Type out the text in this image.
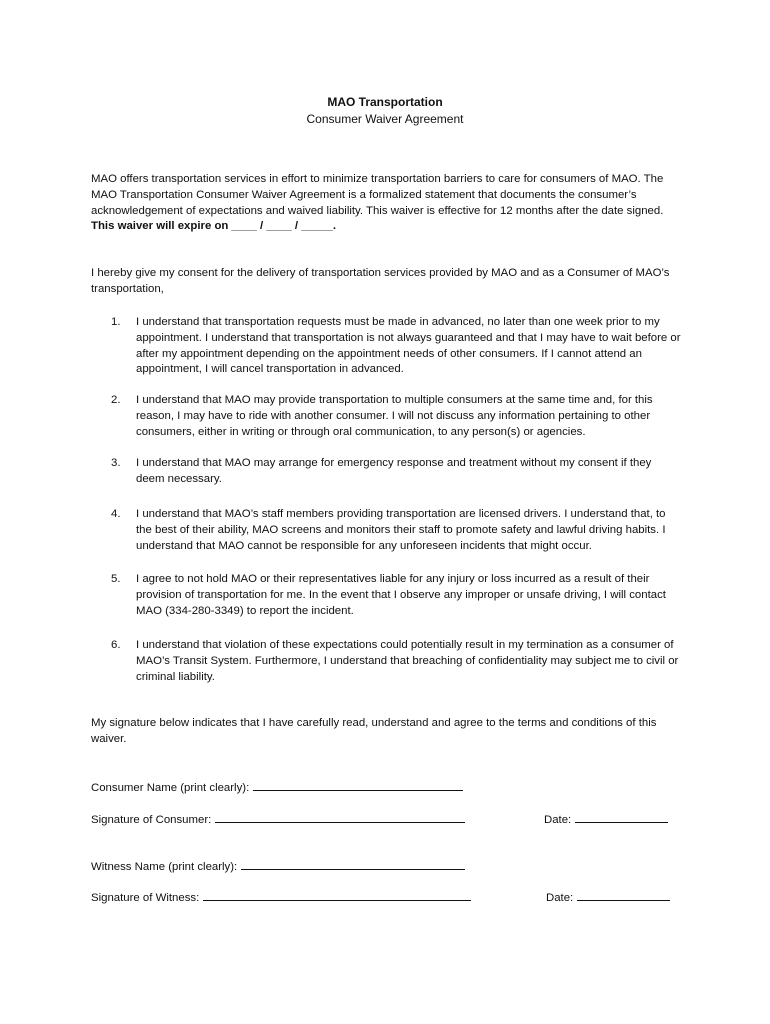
MAO Transportation
Consumer Waiver Agreement

MAO offers transportation services in effort to minimize transportation barriers to care for consumers of MAO. The MAO Transportation Consumer Waiver Agreement is a formalized statement that documents the consumer’s acknowledgement of expectations and waived liability. This waiver is effective for 12 months after the date signed. This waiver will expire on ____ / ____ / _____.

I hereby give my consent for the delivery of transportation services provided by MAO and as a Consumer of MAO’s transportation,

1. I understand that transportation requests must be made in advanced, no later than one week prior to my appointment. I understand that transportation is not always guaranteed and that I may have to wait before or after my appointment depending on the appointment needs of other consumers. If I cannot attend an appointment, I will cancel transportation in advanced.
2. I understand that MAO may provide transportation to multiple consumers at the same time and, for this reason, I may have to ride with another consumer. I will not discuss any information pertaining to other consumers, either in writing or through oral communication, to any person(s) or agencies.
3. I understand that MAO may arrange for emergency response and treatment without my consent if they deem necessary.
4. I understand that MAO’s staff members providing transportation are licensed drivers. I understand that, to the best of their ability, MAO screens and monitors their staff to promote safety and lawful driving habits. I understand that MAO cannot be responsible for any unforeseen incidents that might occur.
5. I agree to not hold MAO or their representatives liable for any injury or loss incurred as a result of their provision of transportation for me. In the event that I observe any improper or unsafe driving, I will contact MAO (334-280-3349) to report the incident.
6. I understand that violation of these expectations could potentially result in my termination as a consumer of MAO’s Transit System. Furthermore, I understand that breaching of confidentiality may subject me to civil or criminal liability.

My signature below indicates that I have carefully read, understand and agree to the terms and conditions of this waiver.

Consumer Name (print clearly):
Signature of Consumer:	Date:
Witness Name (print clearly):
Signature of Witness:	Date:
